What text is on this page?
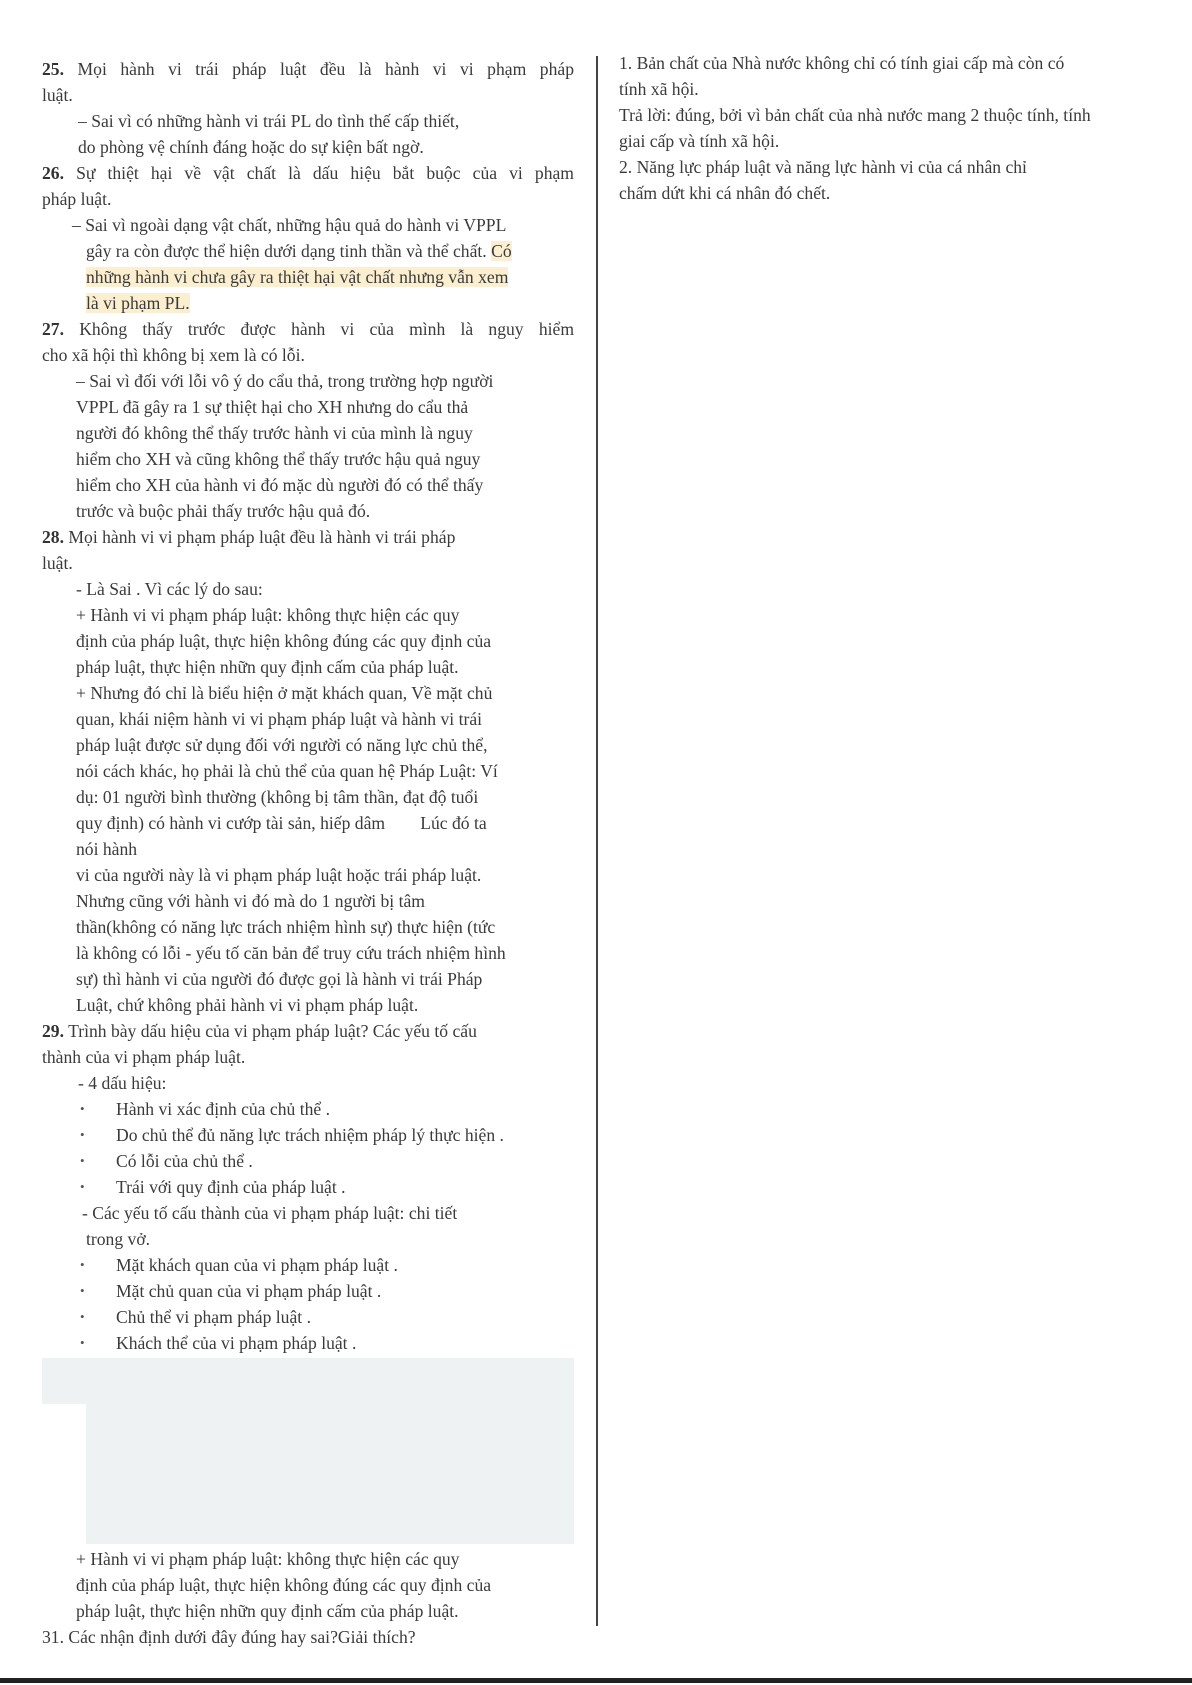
25. Mọi hành vi trái pháp luật đều là hành vi vi phạm pháp
luật.
– Sai vì có những hành vi trái PL do tình thế cấp thiết,
do phòng vệ chính đáng hoặc do sự kiện bất ngờ.
26. Sự thiệt hại về vật chất là dấu hiệu bắt buộc của vi phạm
pháp luật.
– Sai vì ngoài dạng vật chất, những hậu quả do hành vi VPPL
gây ra còn được thể hiện dưới dạng tinh thần và thể chất. Có
những hành vi chưa gây ra thiệt hại vật chất nhưng vẫn xem
là vi phạm PL.
27. Không thấy trước được hành vi của mình là nguy hiểm
cho xã hội thì không bị xem là có lỗi.
– Sai vì đối với lỗi vô ý do cẩu thả, trong trường hợp người
VPPL đã gây ra 1 sự thiệt hại cho XH nhưng do cẩu thả
người đó không thể thấy trước hành vi của mình là nguy
hiểm cho XH và cũng không thể thấy trước hậu quả nguy
hiểm cho XH của hành vi đó mặc dù người đó có thể thấy
trước và buộc phải thấy trước hậu quả đó.
28. Mọi hành vi vi phạm pháp luật đều là hành vi trái pháp
luật.
- Là Sai . Vì các lý do sau:
+ Hành vi vi phạm pháp luật: không thực hiện các quy
định của pháp luật, thực hiện không đúng các quy định của
pháp luật, thực hiện nhữn quy định cấm của pháp luật.
+ Nhưng đó chỉ là biểu hiện ở mặt khách quan, Về mặt chủ
quan, khái niệm hành vi vi phạm pháp luật và hành vi trái
pháp luật được sử dụng đối với người có năng lực chủ thể,
nói cách khác, họ phải là chủ thể của quan hệ Pháp Luật: Ví
dụ: 01 người bình thường (không bị tâm thần, đạt độ tuổi
quy định) có hành vi cướp tài sản, hiếp dâm        Lúc đó ta
nói hành
vi của người này là vi phạm pháp luật hoặc trái pháp luật.
Nhưng cũng với hành vi đó mà do 1 người bị tâm
thần(không có năng lực trách nhiệm hình sự) thực hiện (tức
là không có lỗi - yếu tố căn bản để truy cứu trách nhiệm hình
sự) thì hành vi của người đó được gọi là hành vi trái Pháp
Luật, chứ không phải hành vi vi phạm pháp luật.
29. Trình bày dấu hiệu của vi phạm pháp luật? Các yếu tố cấu
thành của vi phạm pháp luật.
- 4 dấu hiệu:
• Hành vi xác định của chủ thể .
• Do chủ thể đủ năng lực trách nhiệm pháp lý thực hiện .
• Có lỗi của chủ thể .
• Trái với quy định của pháp luật .
- Các yếu tố cấu thành của vi phạm pháp luật: chi tiết
trong vở.
• Mặt khách quan của vi phạm pháp luật .
• Mặt chủ quan của vi phạm pháp luật .
• Chủ thể vi phạm pháp luật .
• Khách thể của vi phạm pháp luật .
+ Hành vi vi phạm pháp luật: không thực hiện các quy
định của pháp luật, thực hiện không đúng các quy định của
pháp luật, thực hiện nhữn quy định cấm của pháp luật.
31. Các nhận định dưới đây đúng hay sai?Giải thích?
1. Bản chất của Nhà nước không chỉ có tính giai cấp mà còn có
tính xã hội.
Trả lời: đúng, bởi vì bản chất của nhà nước mang 2 thuộc tính, tính
giai cấp và tính xã hội.
2. Năng lực pháp luật và năng lực hành vi của cá nhân chỉ
chấm dứt khi cá nhân đó chết.
